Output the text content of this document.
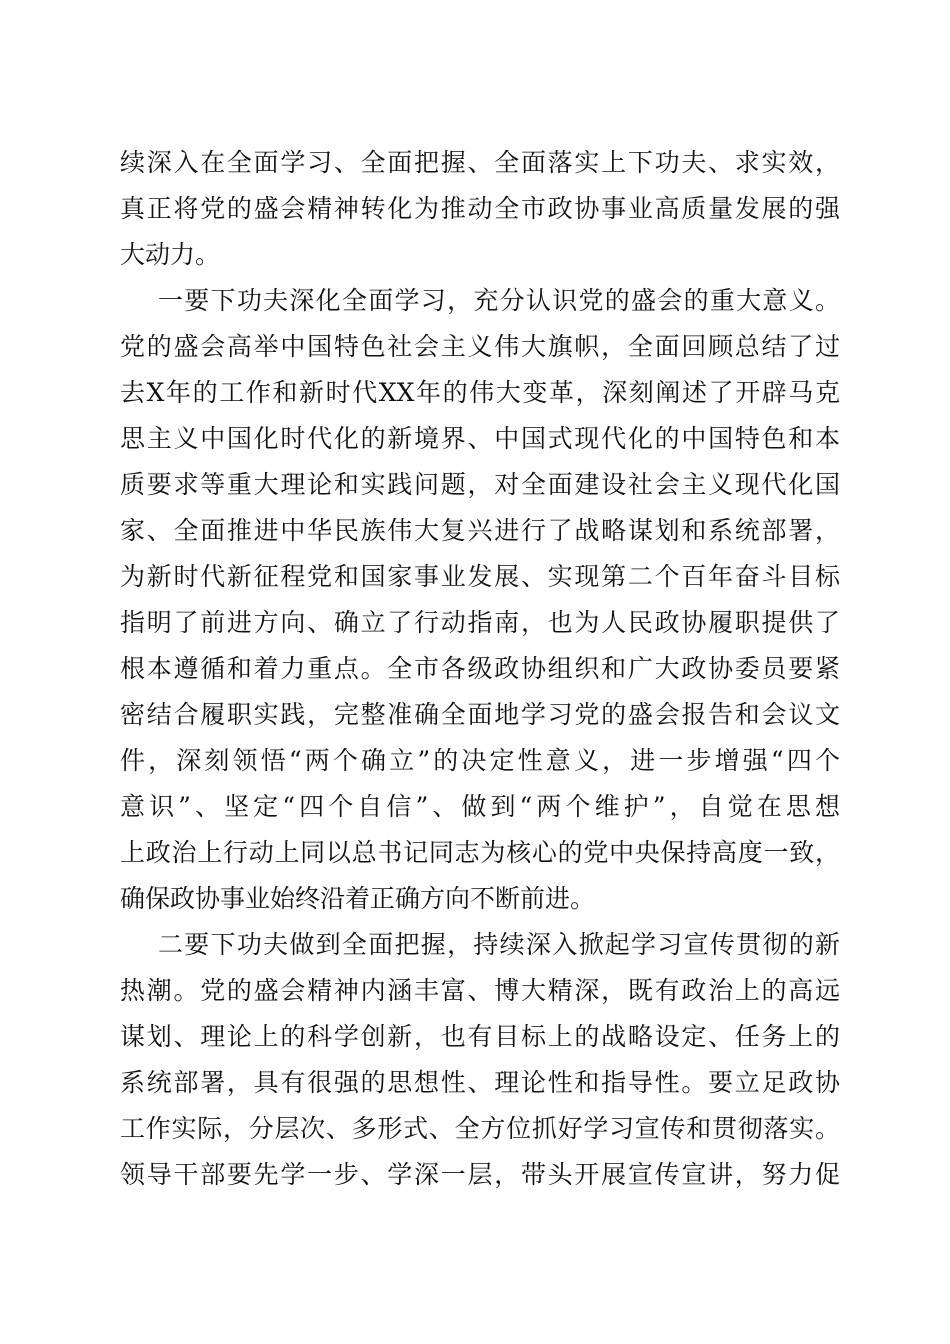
续深入在全面学习、全面把握、全面落实上下功夫、求实效，
真正将党的盛会精神转化为推动全市政协事业高质量发展的强
大动力。
一要下功夫深化全面学习，充分认识党的盛会的重大意义。
党的盛会高举中国特色社会主义伟大旗帜，全面回顾总结了过
去X年的工作和新时代XX年的伟大变革，深刻阐述了开辟马克
思主义中国化时代化的新境界、中国式现代化的中国特色和本
质要求等重大理论和实践问题，对全面建设社会主义现代化国
家、全面推进中华民族伟大复兴进行了战略谋划和系统部署，
为新时代新征程党和国家事业发展、实现第二个百年奋斗目标
指明了前进方向、确立了行动指南，也为人民政协履职提供了
根本遵循和着力重点。全市各级政协组织和广大政协委员要紧
密结合履职实践，完整准确全面地学习党的盛会报告和会议文
件，深刻领悟“两个确立”的决定性意义，进一步增强“四个
意识”、坚定“四个自信”、做到“两个维护”，自觉在思想
上政治上行动上同以总书记同志为核心的党中央保持高度一致，
确保政协事业始终沿着正确方向不断前进。
二要下功夫做到全面把握，持续深入掀起学习宣传贯彻的新
热潮。党的盛会精神内涵丰富、博大精深，既有政治上的高远
谋划、理论上的科学创新，也有目标上的战略设定、任务上的
系统部署，具有很强的思想性、理论性和指导性。要立足政协
工作实际，分层次、多形式、全方位抓好学习宣传和贯彻落实。
领导干部要先学一步、学深一层，带头开展宣传宣讲，努力促
